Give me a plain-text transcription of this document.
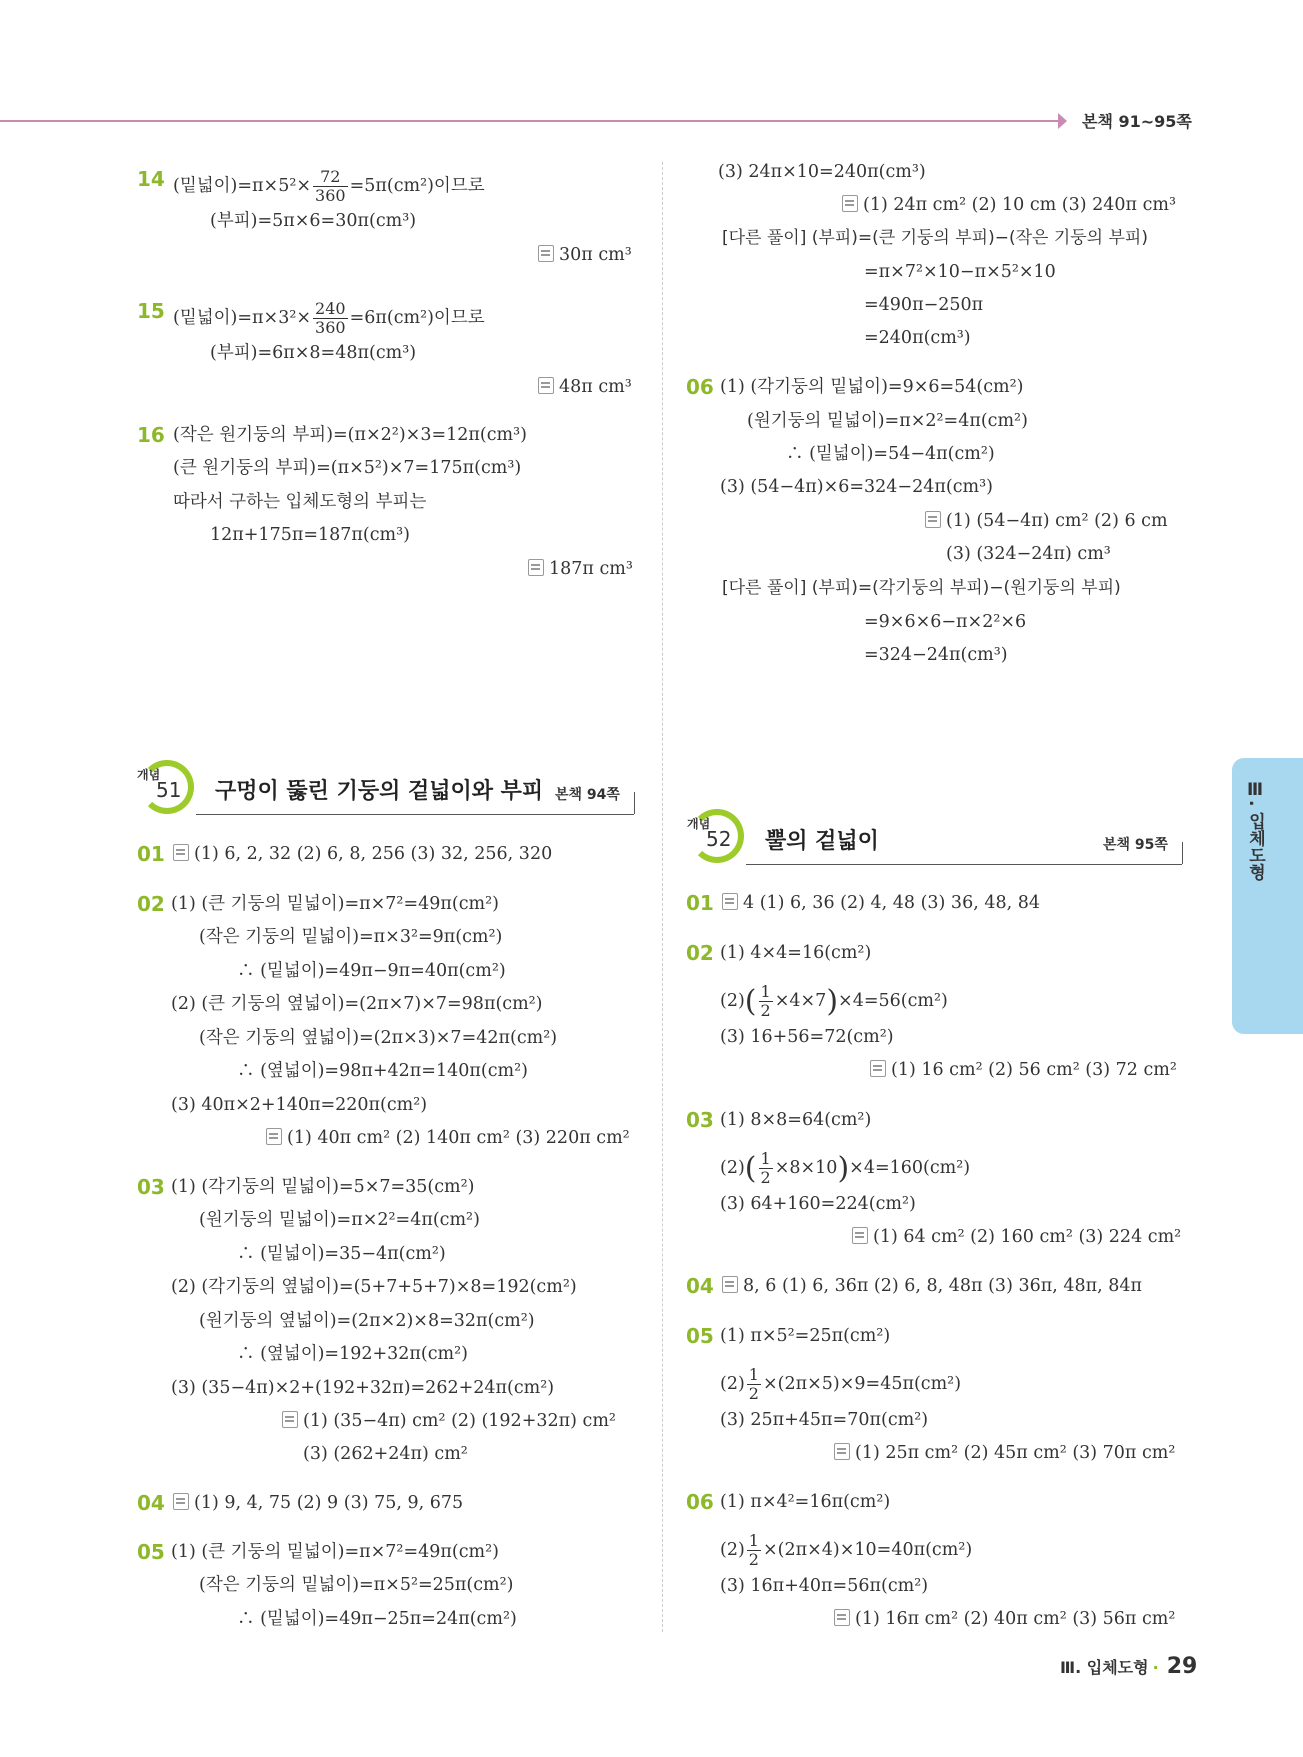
본책 91~95쪽
14 (밑넓이)$=\pi\times 5^2\times \frac{72}{360} =5\pi(cm^2)$이므로
(부피)=5π×6=30π(cm³)
30π cm³
15 (밑넓이)$=\pi\times 3^2\times \frac{240}{360} =6\pi(cm^2)$이므로
(부피)=6π×8=48π(cm³)
48π cm³
16 (작은 원기둥의 부피)=(π×2²)×3=12π(cm³)
(큰 원기둥의 부피)=(π×5²)×7=175π(cm³)
따라서 구하는 입체도형의 부피는
12π+175π=187π(cm³)
187π cm³
(3) 24π×10=240π(cm³)
(1) 24π cm² (2) 10 cm (3) 240π cm³
[다른 풀이] (부피)=(큰 기둥의 부피)−(작은 기둥의 부피)
=π×7²×10−π×5²×10
=490π−250π
=240π(cm³)
06 (1) (각기둥의 밑넓이)=9×6=54(cm²)
(원기둥의 밑넓이)=π×2²=4π(cm²)
∴ (밑넓이)=54−4π(cm²)
(3) (54−4π)×6=324−24π(cm³)
(1) (54−4π) cm² (2) 6 cm
(3) (324−24π) cm³
[다른 풀이] (부피)=(각기둥의 부피)−(원기둥의 부피)
=9×6×6−π×2²×6
=324−24π(cm³)
개념
51 구멍이 뚫린 기둥의 겉넓이와 부피 본책 94쪽
01	(1) 6, 2, 32 (2) 6, 8, 256 (3) 32, 256, 320
02 (1) (큰 기둥의 밑넓이)=π×7²=49π(cm²)
(작은 기둥의 밑넓이)=π×3²=9π(cm²)
∴ (밑넓이)=49π−9π=40π(cm²)
(2) (큰 기둥의 옆넓이)=(2π×7)×7=98π(cm²)
(작은 기둥의 옆넓이)=(2π×3)×7=42π(cm²)
∴ (옆넓이)=98π+42π=140π(cm²)
(3) 40π×2+140π=220π(cm²)
(1) 40π cm² (2) 140π cm² (3) 220π cm²
03 (1) (각기둥의 밑넓이)=5×7=35(cm²)
(원기둥의 밑넓이)=π×2²=4π(cm²)
∴ (밑넓이)=35−4π(cm²)
(2) (각기둥의 옆넓이)=(5+7+5+7)×8=192(cm²)
(원기둥의 옆넓이)=(2π×2)×8=32π(cm²)
∴ (옆넓이)=192+32π(cm²)
(3) (35−4π)×2+(192+32π)=262+24π(cm²)
(1) (35−4π) cm² (2) (192+32π) cm²
(3) (262+24π) cm²
04	(1) 9, 4, 75 (2) 9 (3) 75, 9, 675
05 (1) (큰 기둥의 밑넓이)=π×7²=49π(cm²)
(작은 기둥의 밑넓이)=π×5²=25π(cm²)
∴ (밑넓이)=49π−25π=24π(cm²)
개념
52 뿔의 겉넓이	본책 95쪽
01	4 (1) 6, 36 (2) 4, 48 (3) 36, 48, 84
02 (1) 4×4=16(cm²)
$(2)( \frac{1}{2} \times 4\times 7)\times 4=56(cm^2)$
(3) 16+56=72(cm²)
(1) 16 cm² (2) 56 cm² (3) 72 cm²
03 (1) 8×8=64(cm²)
$(2)( \frac{1}{2} \times 8\times 10)\times 4=160(cm^2)$
(3) 64+160=224(cm²)
(1) 64 cm² (2) 160 cm² (3) 224 cm²
04	8, 6 (1) 6, 36π (2) 6, 8, 48π (3) 36π, 48π, 84π
05 (1) π×5²=25π(cm²)
$(2) \frac{1}{2} \times(2\pi\times 5)\times 9=45\pi(cm^2)$
(3) 25π+45π=70π(cm²)
(1) 25π cm² (2) 45π cm² (3) 70π cm²
06 (1) π×4²=16π(cm²)
$(2) \frac{1}{2} \times(2\pi\times 4)\times 10=40\pi(cm^2)$
(3) 16π+40π=56π(cm²)
(1) 16π cm² (2) 40π cm² (3) 56π cm²
Ⅲ. 입체도형
Ⅲ. 입체도형 · 29
